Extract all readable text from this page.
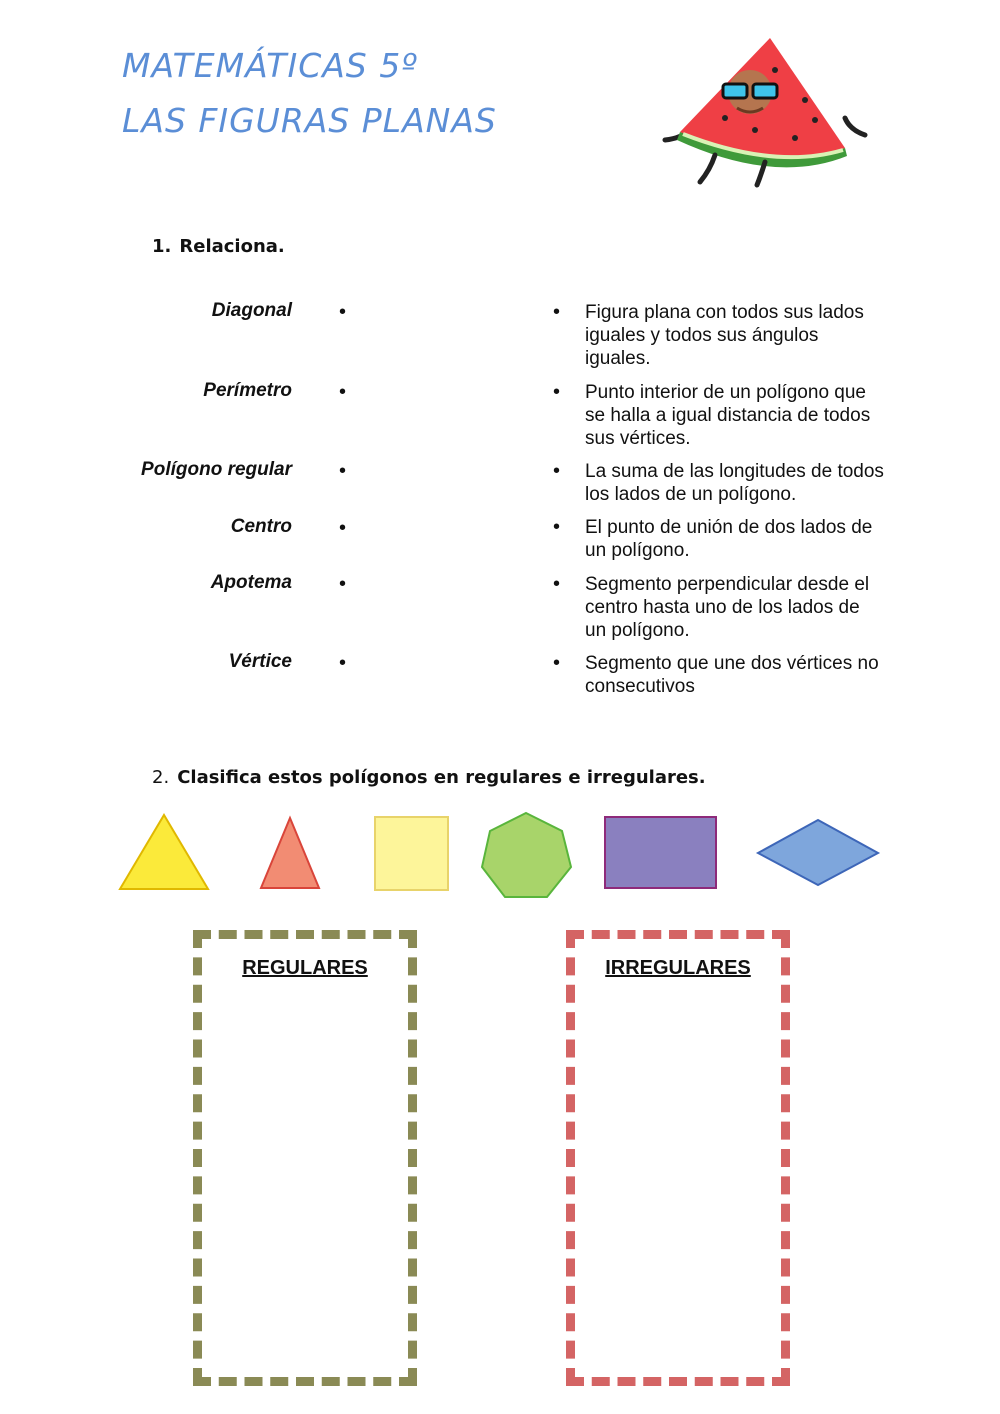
MATEMÁTICAS 5º
LAS FIGURAS PLANAS
1. Relaciona.
Diagonal
Perímetro
Polígono regular
Centro
Apotema
Vértice
•
•
•
•
•
•
• Figura plana con todos sus lados iguales y todos sus ángulos iguales.
• Punto interior de un polígono que se halla a igual distancia de todos sus vértices.
• La suma de las longitudes de todos los lados de un polígono.
• El punto de unión de dos lados de un polígono.
• Segmento perpendicular desde el centro hasta uno de los lados de un polígono.
• Segmento que une dos vértices no consecutivos
2. Clasifica estos polígonos en regulares e irregulares.
REGULARES	IRREGULARES
